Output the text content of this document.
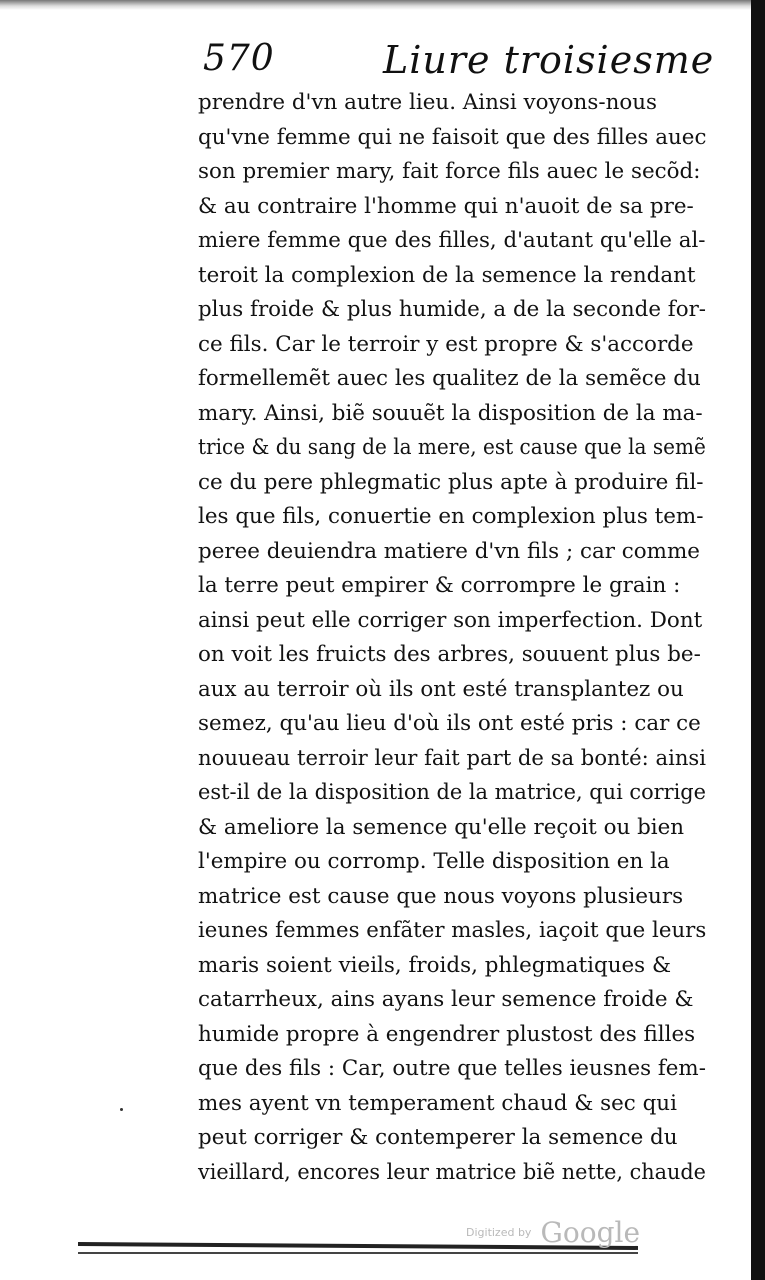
570	Liure troisiesme
prendre d'vn autre lieu. Ainsi voyons-nous
qu'vne femme qui ne faisoit que des filles auec
son premier mary, fait force fils auec le secõd:
& au contraire l'homme qui n'auoit de sa pre-
miere femme que des filles, d'autant qu'elle al-
teroit la complexion de la semence la rendant
plus froide & plus humide, a de la seconde for-
ce fils. Car le terroir y est propre & s'accorde
formellemẽt auec les qualitez de la semẽce du
mary. Ainsi, biẽ souuẽt la disposition de la ma-
trice & du sang de la mere, est cause que la semẽ
ce du pere phlegmatic plus apte à produire fil-
les que fils, conuertie en complexion plus tem-
peree deuiendra matiere d'vn fils ; car comme
la terre peut empirer & corrompre le grain :
ainsi peut elle corriger son imperfection. Dont
on voit les fruicts des arbres, souuent plus be-
aux au terroir où ils ont esté transplantez ou
semez, qu'au lieu d'où ils ont esté pris : car ce
nouueau terroir leur fait part de sa bonté: ainsi
est-il de la disposition de la matrice, qui corrige
& ameliore la semence qu'elle reçoit ou bien
l'empire ou corromp. Telle disposition en la
matrice est cause que nous voyons plusieurs
ieunes femmes enfãter masles, iaçoit que leurs
maris soient vieils, froids, phlegmatiques &
catarrheux, ains ayans leur semence froide &
humide propre à engendrer plustost des filles
que des fils : Car, outre que telles ieusnes fem-
mes ayent vn temperament chaud & sec qui
peut corriger & contemperer la semence du
vieillard, encores leur matrice biẽ nette, chaude
Digitized by Google
